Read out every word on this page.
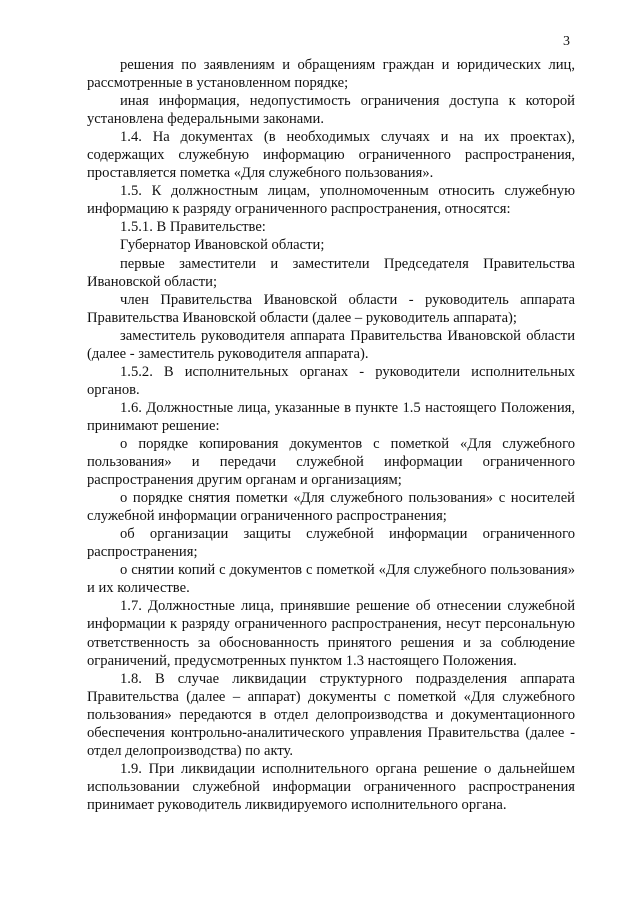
3

решения по заявлениям и обращениям граждан и юридических лиц, рассмотренные в установленном порядке;

иная информация, недопустимость ограничения доступа к которой установлена федеральными законами.

1.4. На документах (в необходимых случаях и на их проектах), содержащих служебную информацию ограниченного распространения, проставляется пометка «Для служебного пользования».

1.5. К должностным лицам, уполномоченным относить служебную информацию к разряду ограниченного распространения, относятся:

1.5.1. В Правительстве:

Губернатор Ивановской области;

первые заместители и заместители Председателя Правительства Ивановской области;

член Правительства Ивановской области - руководитель аппарата Правительства Ивановской области (далее – руководитель аппарата);

заместитель руководителя аппарата Правительства Ивановской области (далее - заместитель руководителя аппарата).

1.5.2. В исполнительных органах - руководители исполнительных органов.

1.6. Должностные лица, указанные в пункте 1.5 настоящего Положения, принимают решение:

о порядке копирования документов с пометкой «Для служебного пользования» и передачи служебной информации ограниченного распространения другим органам и организациям;

о порядке снятия пометки «Для служебного пользования» с носителей служебной информации ограниченного распространения;

об организации защиты служебной информации ограниченного распространения;

о снятии копий с документов с пометкой «Для служебного пользования» и их количестве.

1.7. Должностные лица, принявшие решение об отнесении служебной информации к разряду ограниченного распространения, несут персональную ответственность за обоснованность принятого решения и за соблюдение ограничений, предусмотренных пунктом 1.3 настоящего Положения.

1.8. В случае ликвидации структурного подразделения аппарата Правительства (далее – аппарат) документы с пометкой «Для служебного пользования» передаются в отдел делопроизводства и документационного обеспечения контрольно-аналитического управления Правительства (далее - отдел делопроизводства) по акту.

1.9. При ликвидации исполнительного органа решение о дальнейшем использовании служебной информации ограниченного распространения принимает руководитель ликвидируемого исполнительного органа.
